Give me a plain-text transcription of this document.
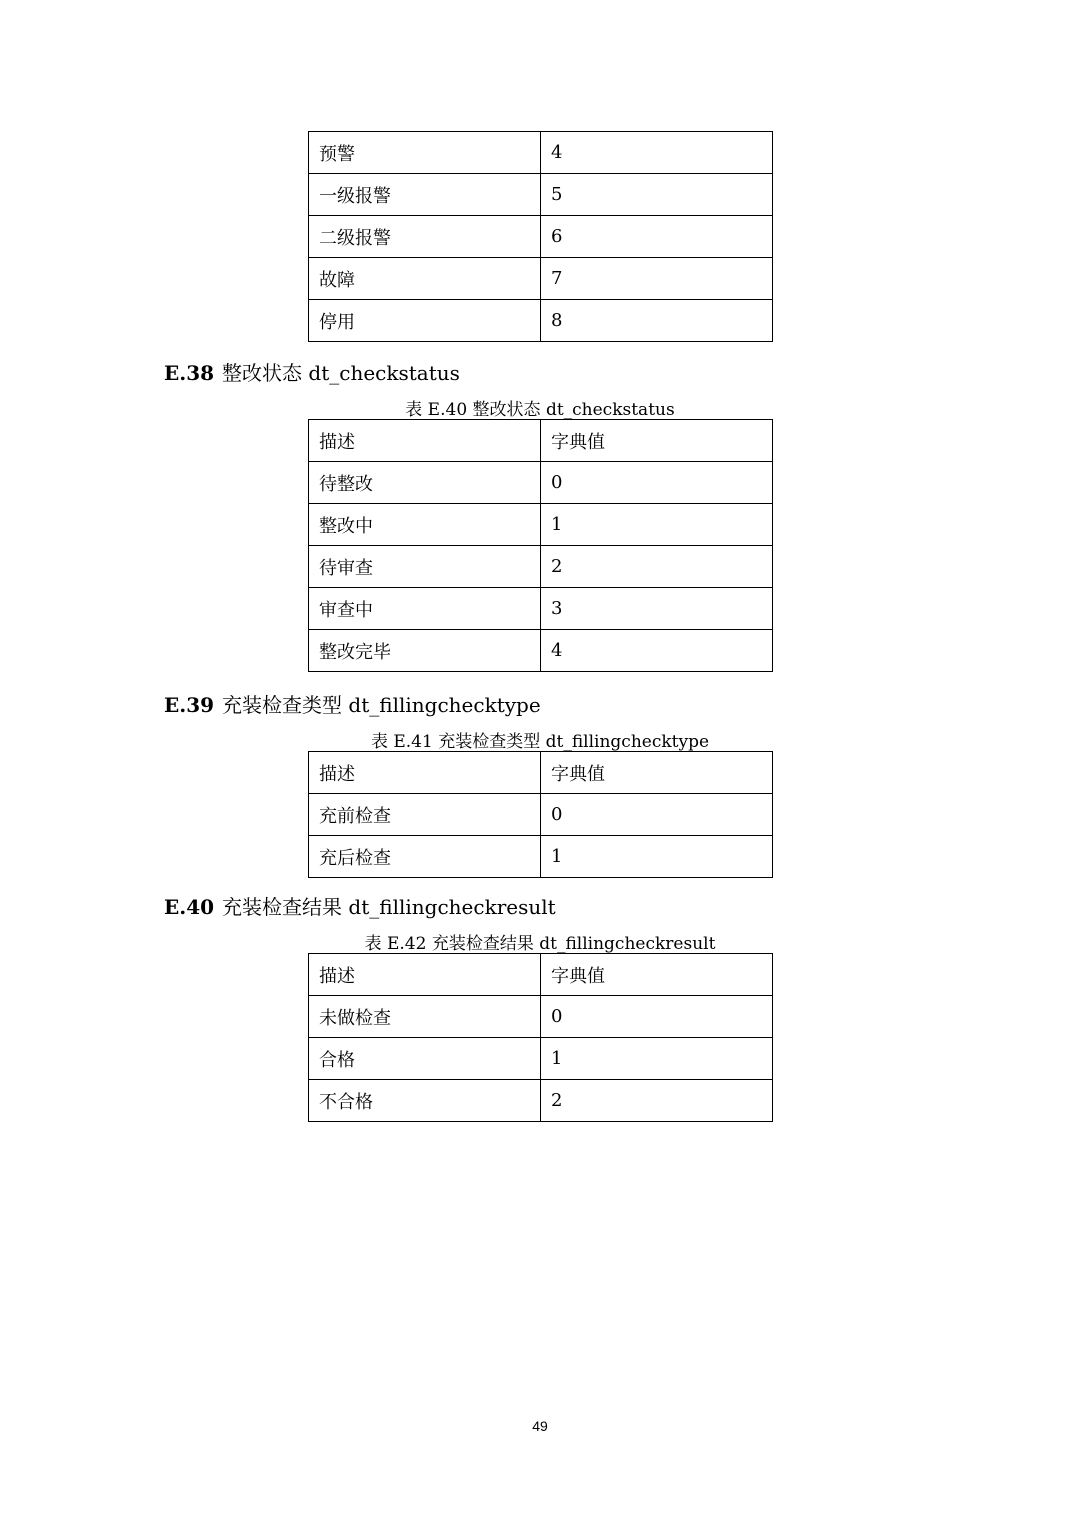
预警	4
一级报警	5
二级报警	6
故障	7
停用	8
E.38 整改状态 dt_checkstatus
表 E.40 整改状态 dt_checkstatus
描述	字典值
待整改	0
整改中	1
待审查	2
审查中	3
整改完毕	4
E.39 充装检查类型 dt_fillingchecktype
表 E.41 充装检查类型 dt_fillingchecktype
描述	字典值
充前检查	0
充后检查	1
E.40 充装检查结果 dt_fillingcheckresult
表 E.42 充装检查结果 dt_fillingcheckresult
描述	字典值
未做检查	0
合格	1
不合格	2
49
